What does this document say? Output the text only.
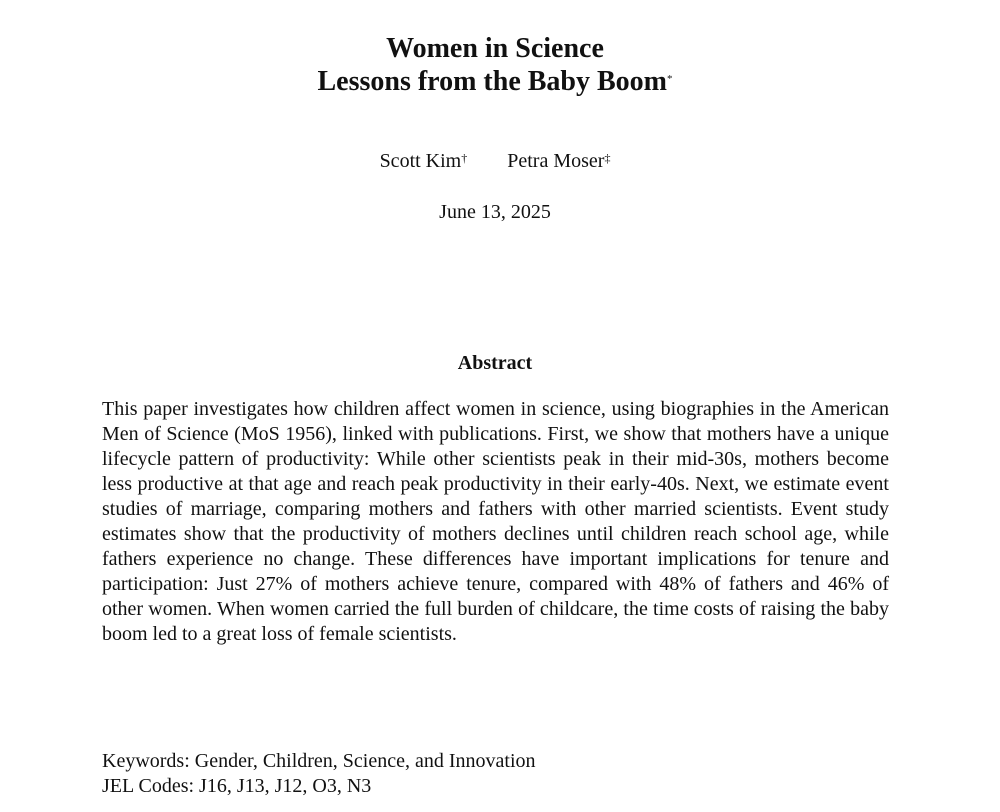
Women in Science
Lessons from the Baby Boom*
Scott Kim† Petra Moser‡
June 13, 2025
Abstract

This paper investigates how children affect women in science, using biographies in the American Men of Science (MoS 1956), linked with publications. First, we show that mothers have a unique lifecycle pattern of productivity: While other scientists peak in their mid-30s, mothers become less productive at that age and reach peak productivity in their early-40s. Next, we estimate event studies of marriage, comparing mothers and fathers with other married scientists. Event study estimates show that the productivity of mothers declines until children reach school age, while fathers experience no change. These differences have important implications for tenure and participation: Just 27% of mothers achieve tenure, compared with 48% of fathers and 46% of other women. When women carried the full burden of childcare, the time costs of raising the baby boom led to a great loss of female scientists.

Keywords: Gender, Children, Science, and Innovation
JEL Codes: J16, J13, J12, O3, N3
